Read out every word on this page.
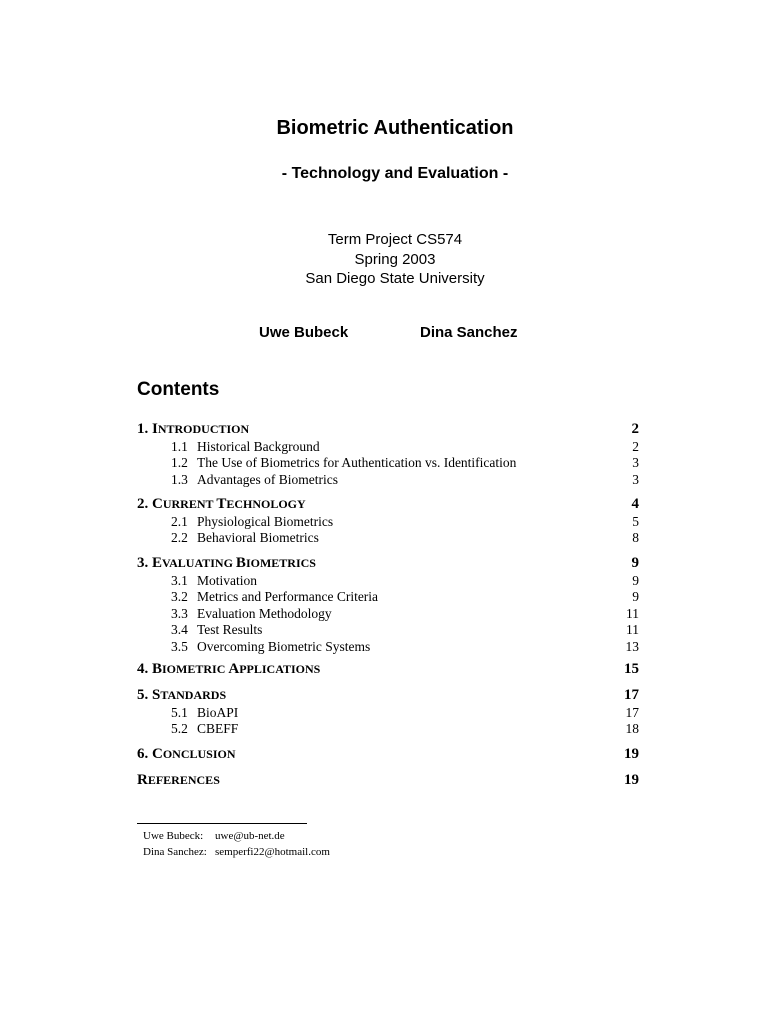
Biometric Authentication
- Technology and Evaluation -
Term Project CS574
Spring 2003
San Diego State University
Uwe Bubeck	Dina Sanchez
Contents
1. INTRODUCTION	2
1.1 Historical Background	2
1.2 The Use of Biometrics for Authentication vs. Identification	3
1.3 Advantages of Biometrics	3
2. CURRENT TECHNOLOGY	4
2.1 Physiological Biometrics	5
2.2 Behavioral Biometrics	8
3. EVALUATING BIOMETRICS	9
3.1 Motivation	9
3.2 Metrics and Performance Criteria	9
3.3 Evaluation Methodology	11
3.4 Test Results	11
3.5 Overcoming Biometric Systems	13
4. BIOMETRIC APPLICATIONS	15
5. STANDARDS	17
5.1 BioAPI	17
5.2 CBEFF	18
6. CONCLUSION	19
REFERENCES	19
Uwe Bubeck: uwe@ub-net.de
Dina Sanchez: semperfi22@hotmail.com
